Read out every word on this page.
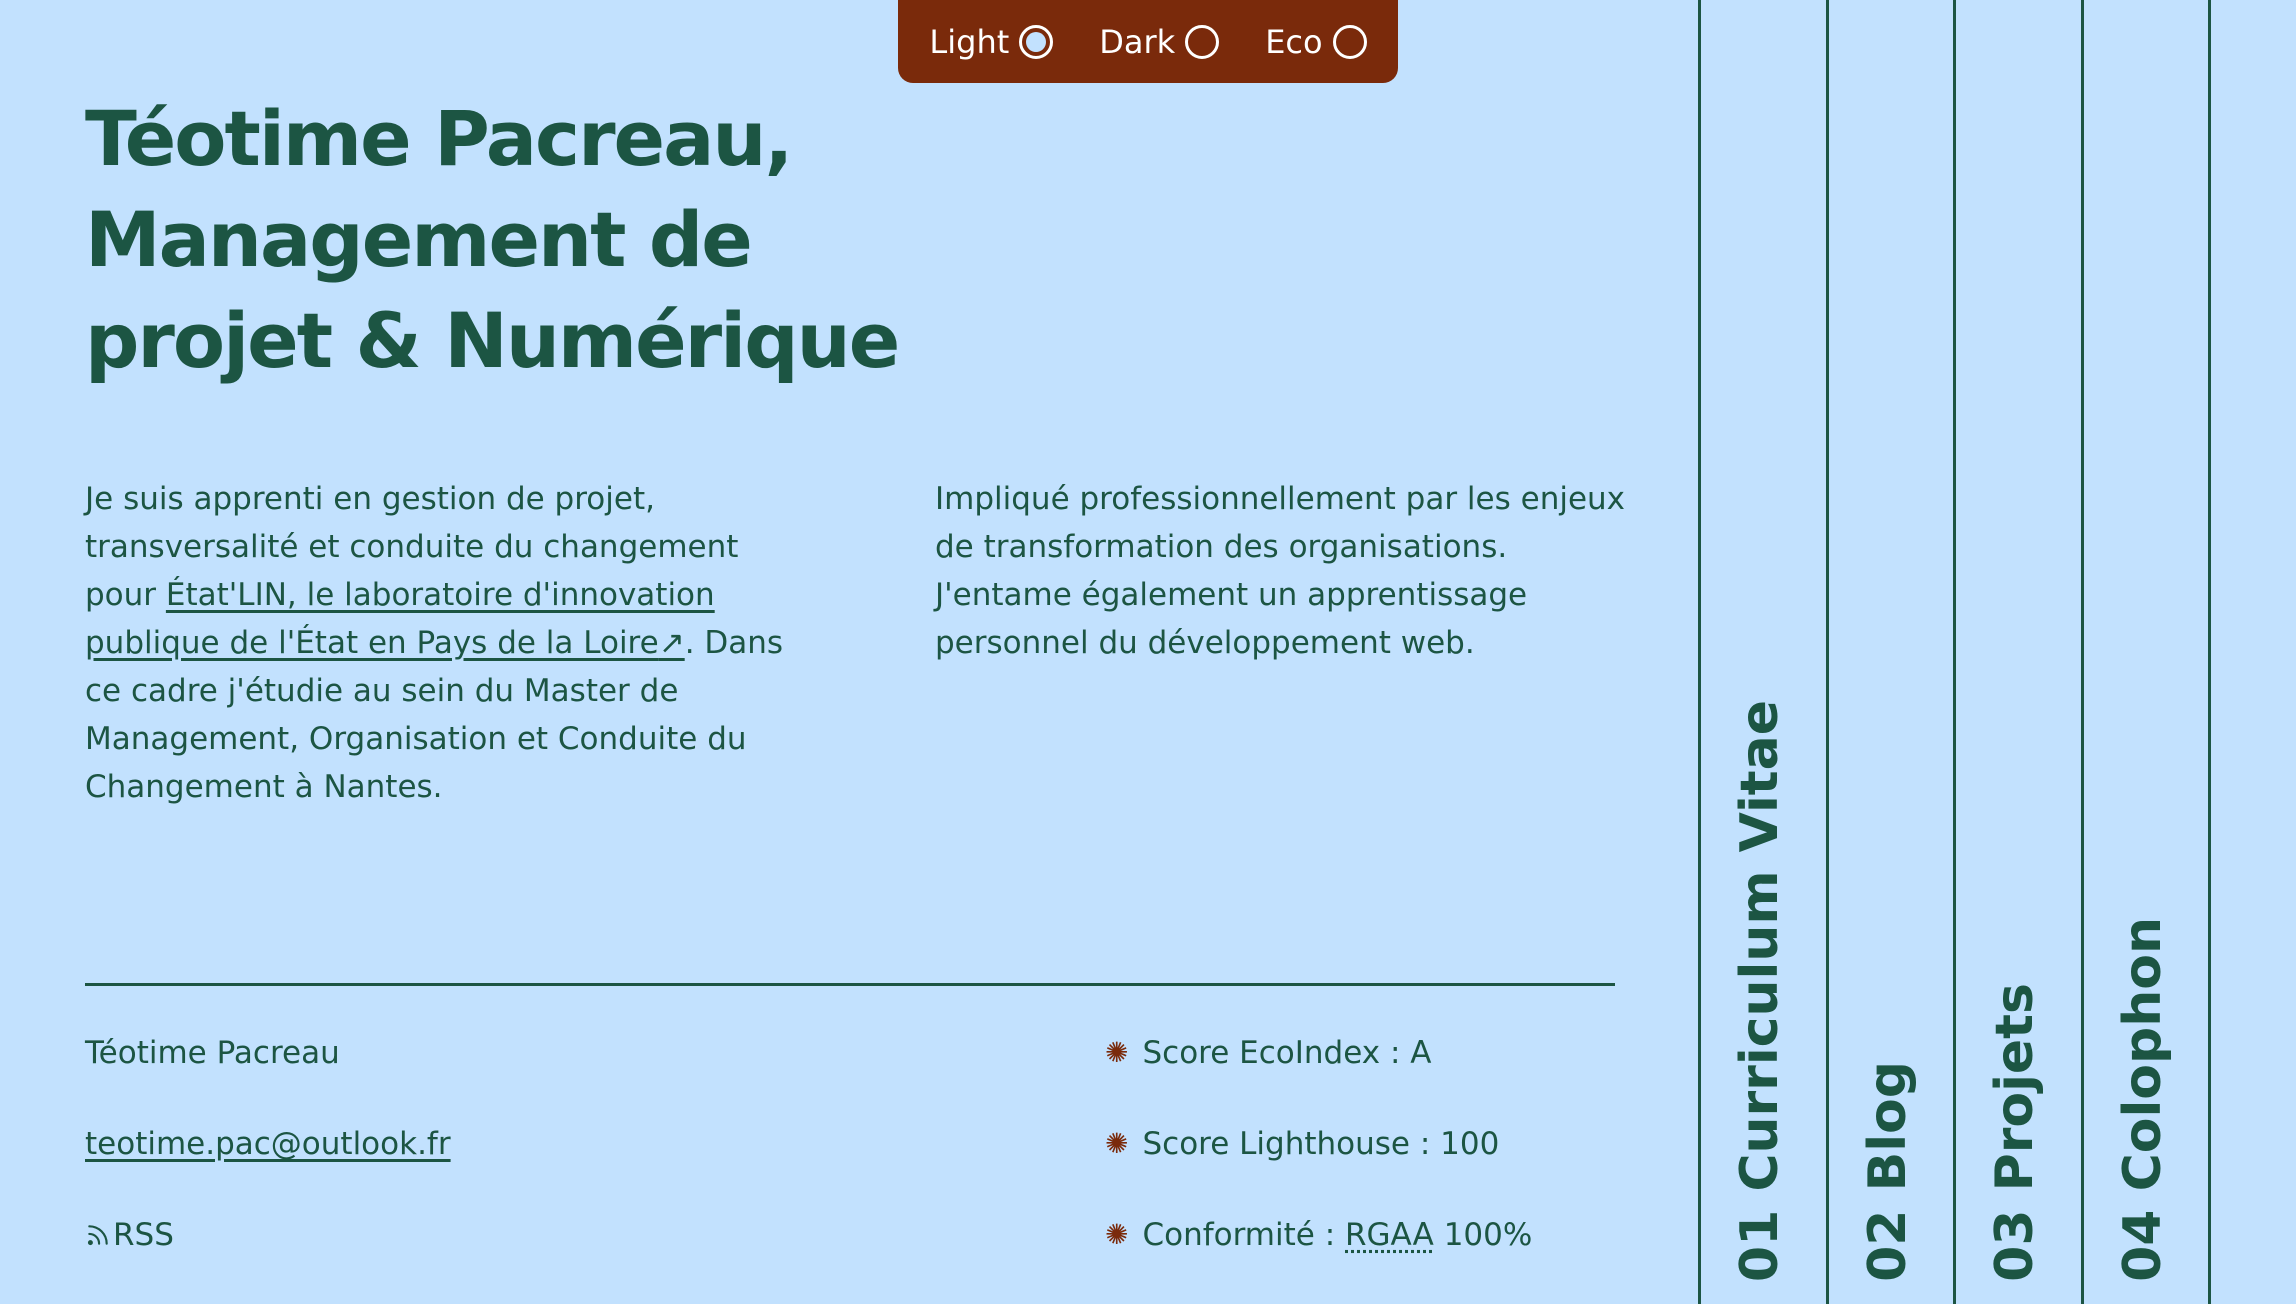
Light	Dark	Eco
Téotime Pacreau, Management de projet & Numérique

Je suis apprenti en gestion de projet, transversalité et conduite du changement pour État'LIN, le laboratoire d'innovation publique de l'État en Pays de la Loire↗. Dans ce cadre j'étudie au sein du Master de Management, Organisation et Conduite du Changement à Nantes.

Impliqué professionnellement par les enjeux de transformation des organisations. J'entame également un apprentissage personnel du développement web.

Téotime Pacreau
teotime.pac@outlook.fr
RSS
✺ Score EcoIndex : A
✺ Score Lighthouse : 100
✺ Conformité : RGAA 100%	01 Curriculum Vitae 02 Blog 03 Projets 04 Colophon
